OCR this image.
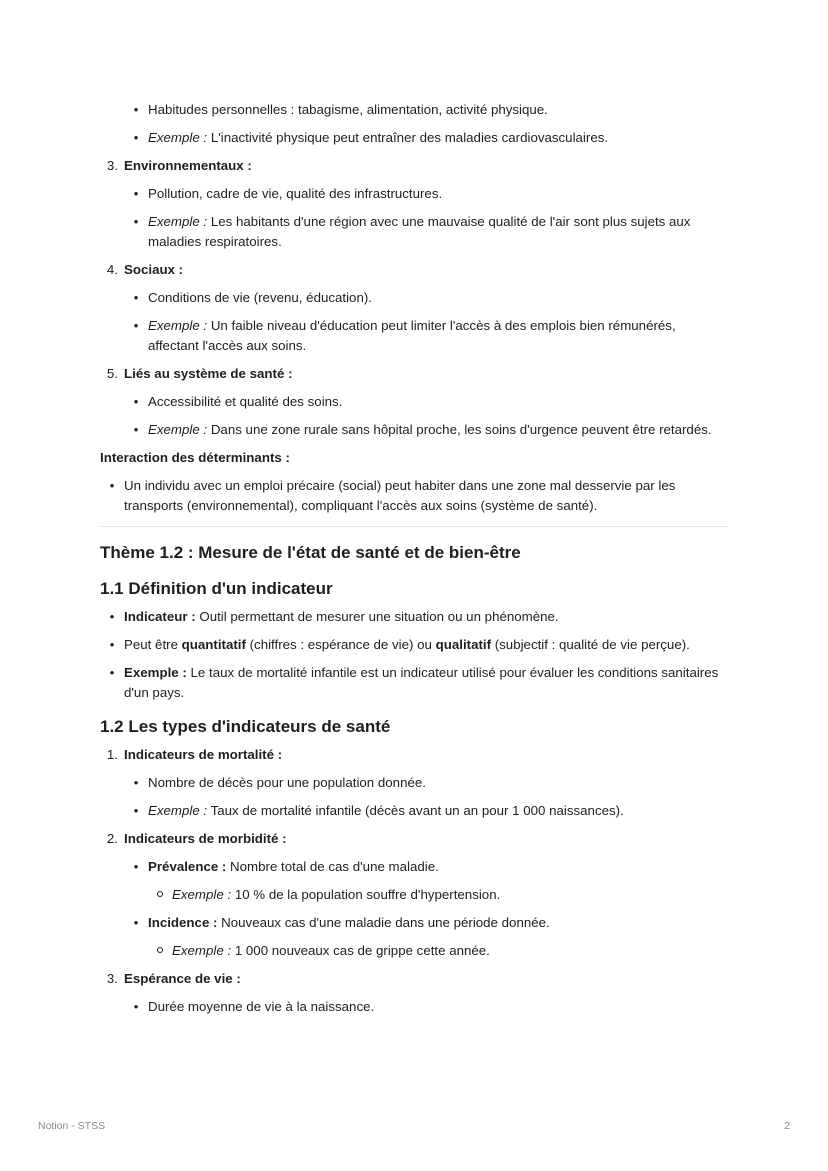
• Habitudes personnelles : tabagisme, alimentation, activité physique.
• Exemple : L'inactivité physique peut entraîner des maladies cardiovasculaires.
3. Environnementaux :
• Pollution, cadre de vie, qualité des infrastructures.
• Exemple : Les habitants d'une région avec une mauvaise qualité de l'air sont plus sujets aux maladies respiratoires.
4. Sociaux :
• Conditions de vie (revenu, éducation).
• Exemple : Un faible niveau d'éducation peut limiter l'accès à des emplois bien rémunérés, affectant l'accès aux soins.
5. Liés au système de santé :
• Accessibilité et qualité des soins.
• Exemple : Dans une zone rurale sans hôpital proche, les soins d'urgence peuvent être retardés.
Interaction des déterminants :
• Un individu avec un emploi précaire (social) peut habiter dans une zone mal desservie par les transports (environnemental), compliquant l'accès aux soins (système de santé).
Thème 1.2 : Mesure de l'état de santé et de bien-être
1.1 Définition d'un indicateur
• Indicateur : Outil permettant de mesurer une situation ou un phénomène.
• Peut être quantitatif (chiffres : espérance de vie) ou qualitatif (subjectif : qualité de vie perçue).
• Exemple : Le taux de mortalité infantile est un indicateur utilisé pour évaluer les conditions sanitaires d'un pays.
1.2 Les types d'indicateurs de santé
1. Indicateurs de mortalité :
• Nombre de décès pour une population donnée.
• Exemple : Taux de mortalité infantile (décès avant un an pour 1 000 naissances).
2. Indicateurs de morbidité :
• Prévalence : Nombre total de cas d'une maladie.
Exemple : 10 % de la population souffre d'hypertension.
• Incidence : Nouveaux cas d'une maladie dans une période donnée.
Exemple : 1 000 nouveaux cas de grippe cette année.
3. Espérance de vie :
• Durée moyenne de vie à la naissance.
Notion - STSS	2
